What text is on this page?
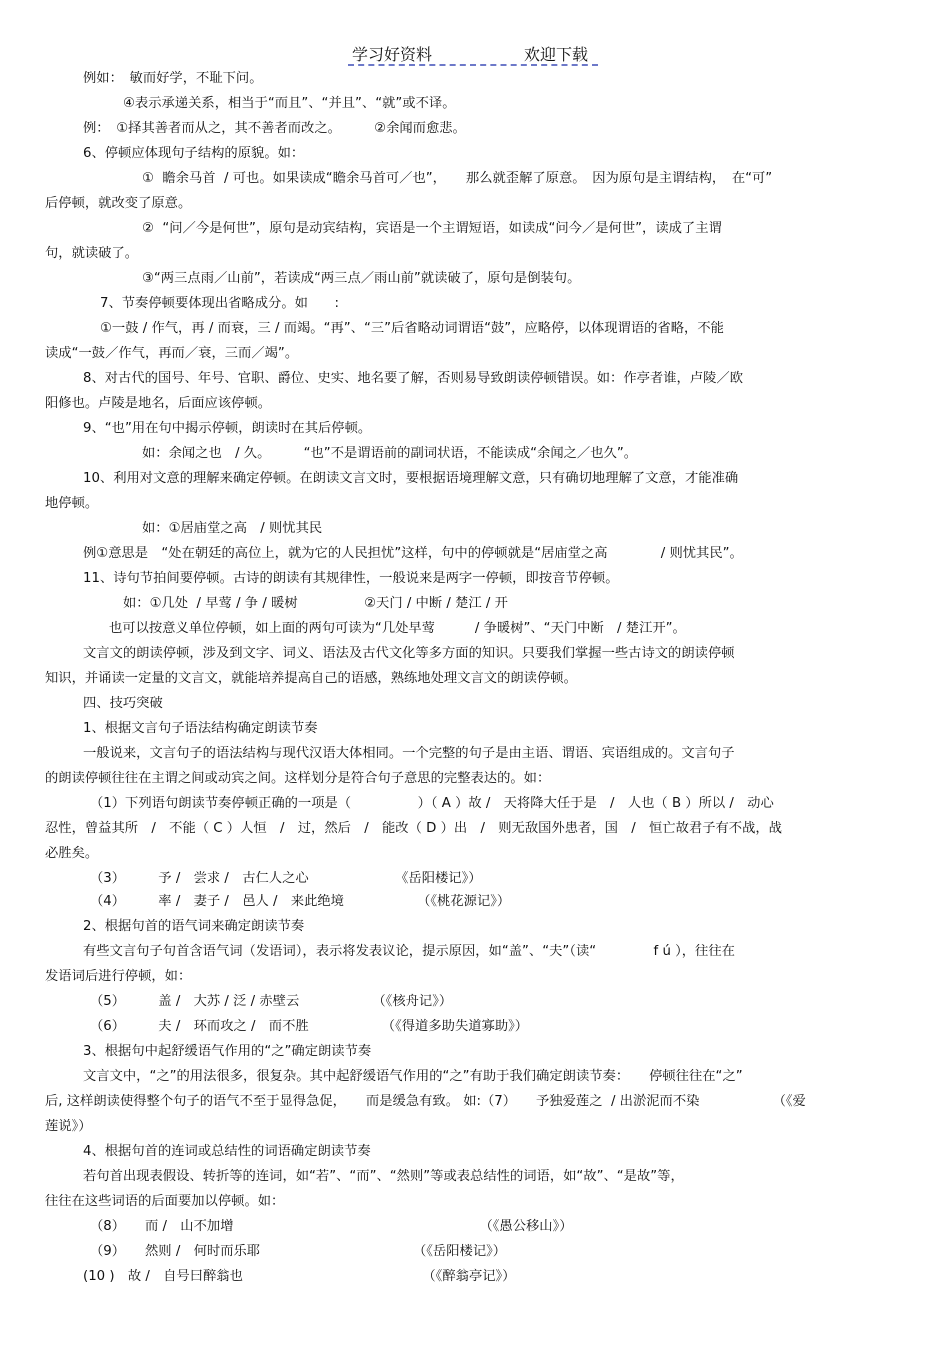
学习好资料	欢迎下载
例如：　敏而好学，不耻下问。
④表示承递关系，相当于“而且”、“并且”、“就”或不译。
例：　①择其善者而从之，其不善者而改之。　　　②余闻而愈悲。
6、停顿应体现句子结构的原貌。如：
①  瞻余马首  / 可也。如果读成“瞻余马首可／也”，　　那么就歪解了原意。　因为原句是主谓结构，　在“可”
后停顿，就改变了原意。
②  “问／今是何世”，原句是动宾结构，宾语是一个主谓短语，如读成“问今／是何世”，读成了主谓
句，就读破了。
③“两三点雨／山前”，若读成“两三点／雨山前”就读破了，原句是倒装句。
7、节奏停顿要体现出省略成分。如　　:
①一鼓 / 作气，再 / 而衰，三 / 而竭。“再”、“三”后省略动词谓语“鼓”，应略停，以体现谓语的省略，不能
读成“一鼓／作气，再而／衰，三而／竭”。
8、对古代的国号、年号、官职、爵位、史实、地名要了解，否则易导致朗读停顿错误。如：作亭者谁，卢陵／欧
阳修也。卢陵是地名，后面应该停顿。
9、“也”用在句中揭示停顿，朗读时在其后停顿。
如：余闻之也　/ 久。　　　“也”不是谓语前的副词状语，不能读成“余闻之／也久”。
10、利用对文意的理解来确定停顿。在朗读文言文时，要根据语境理解文意，只有确切地理解了文意，才能准确
地停顿。
如：①居庙堂之高　/ 则忧其民
例①意思是　“处在朝廷的高位上，就为它的人民担忧”这样，句中的停顿就是“居庙堂之高　　　　/ 则忧其民”。
11、诗句节拍间要停顿。古诗的朗读有其规律性，一般说来是两字一停顿，即按音节停顿。
如：①几处  / 早莺 / 争 / 暖树　　　　　②天门 / 中断 / 楚江 / 开
也可以按意义单位停顿，如上面的两句可读为“几处早莺　　　/ 争暖树”、“天门中断　/ 楚江开”。
文言文的朗读停顿，涉及到文字、词义、语法及古代文化等多方面的知识。只要我们掌握一些古诗文的朗读停顿
知识，并诵读一定量的文言文，就能培养提高自己的语感，熟练地处理文言文的朗读停顿。
四、技巧突破
1、根据文言句子语法结构确定朗读节奏
一般说来，文言句子的语法结构与现代汉语大体相同。一个完整的句子是由主语、谓语、宾语组成的。文言句子
的朗读停顿往往在主谓之间或动宾之间。这样划分是符合句子意思的完整表达的。如：
（1）下列语句朗读节奏停顿正确的一项是（　　　　　）（ A ）故 /　天将降大任于是　/　人也（ B ）所以 /　动心
忍性，曾益其所　/　不能（ C ）人恒　/　过，然后　/　能改（ D ）出　/　则无敌国外患者，国　/　恒亡故君子有不战，战
必胜矣。
（3）　　　予 /　尝求 /　古仁人之心　　　　　　　《岳阳楼记》）
（4）　　　率 /　妻子 /　邑人 /　来此绝境　　　　　　（《桃花源记》）
2、根据句首的语气词来确定朗读节奏
有些文言句子句首含语气词（发语词），表示将发表议论，提示原因，如“盖”、“夫”（读“　　　　 f ú ），往往在
发语词后进行停顿，如：
（5）　　　盖 /　大苏 / 泛 / 赤壁云　　　　　　（《核舟记》）
（6）　　　夫 /　环而攻之 /　而不胜　　　　　　（《得道多助失道寡助》）
3、根据句中起舒缓语气作用的“之”确定朗读节奏
文言文中，“之”的用法很多，很复杂。其中起舒缓语气作用的“之”有助于我们确定朗读节奏：　　停顿往往在“之”
后, 这样朗读使得整个句子的语气不至于显得急促，　　而是缓急有致。 如:（7）　　予独爱莲之  / 出淤泥而不染　　　　　　（《爱
莲说》）
4、根据句首的连词或总结性的词语确定朗读节奏
若句首出现表假设、转折等的连词，如“若”、“而”、“然则”等或表总结性的词语，如“故”、“是故”等，
往往在这些词语的后面要加以停顿。如：
（8）　　而 /　山不加增　　　　　　　　　　　　　　　　　　　（《愚公移山》）
（9）　　然则 /　何时而乐耶　　　　　　　　　　　　（《岳阳楼记》）
(10 )　故 /　自号曰醉翁也　　　　　　　　　　　　　　（《醉翁亭记》）
